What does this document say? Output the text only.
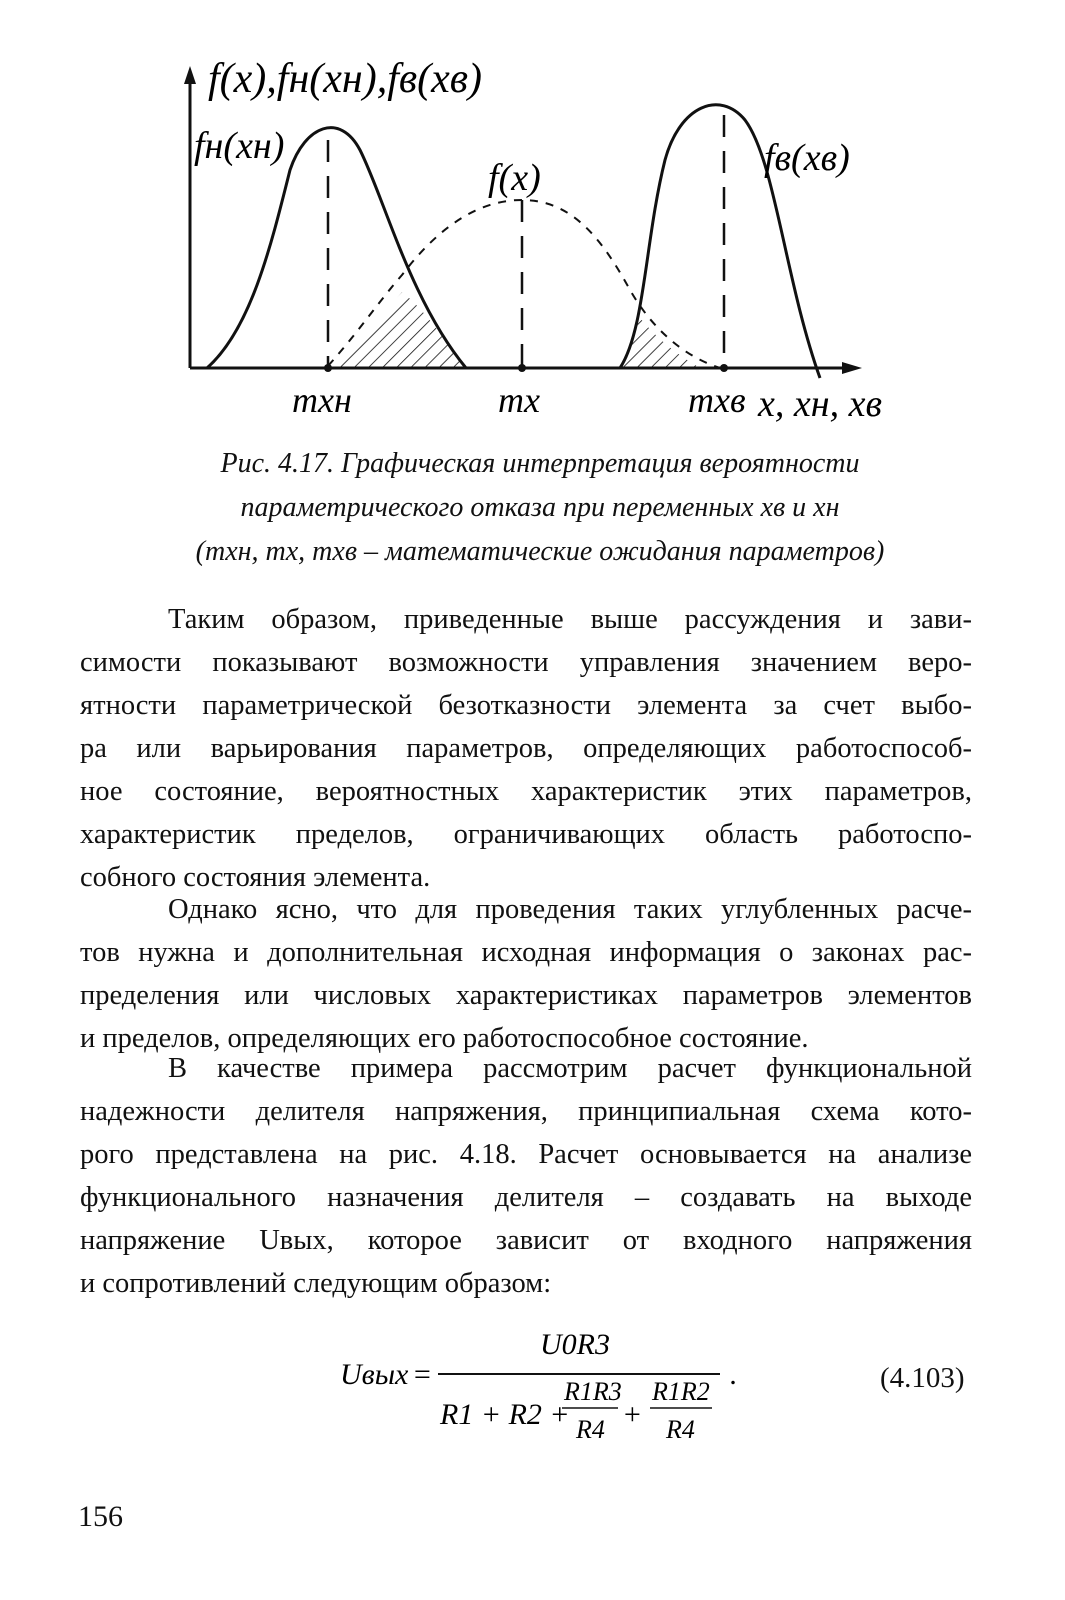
f(x),fн(xн),fв(xв)
fн(xн)
f(x)	fв(xв)
mхн	mx	mхв x, xн, xв
Рис. 4.17. Графическая интерпретация вероятности
параметрического отказа при переменных xв и xн
(mхн, mx, mхв – математические ожидания параметров)
Таким образом, приведенные выше рассуждения и зави-
симости показывают возможности управления значением веро-
ятности параметрической безотказности элемента за счет выбо-
ра или варьирования параметров, определяющих работоспособ-
ное состояние, вероятностных характеристик этих параметров,
характеристик пределов, ограничивающих область работоспо-
собного состояния элемента.
Однако ясно, что для проведения таких углубленных расче-
тов нужна и дополнительная исходная информация о законах рас-
пределения или числовых характеристиках параметров элементов
и пределов, определяющих его работоспособное состояние.
В качестве примера рассмотрим расчет функциональной
надежности делителя напряжения, принципиальная схема кото-
рого представлена на рис. 4.18. Расчет основывается на анализе
функционального назначения делителя – создавать на выходе
напряжение Uвых, которое зависит от входного напряжения
и сопротивлений следующим образом:
Uвых =
U0R3
R1 + R2 +
R1R3
R4 +
R1R2
R4
.	(4.103)
156
